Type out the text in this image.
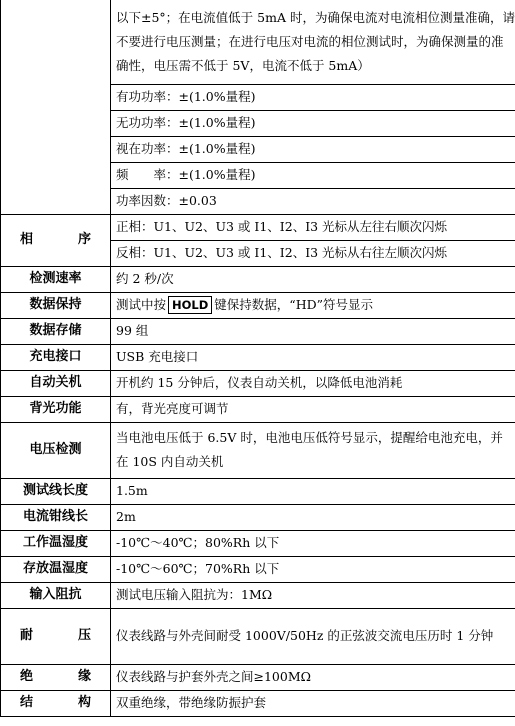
	以下±5°；在电流值低于 5mA 时，为确保电流对电流相位测量准确，请不要进行电压测量；在进行电压对电流的相位测试时，为确保测量的准确性，电压需不低于 5V，电流不低于 5mA）
	有功功率：±(1.0%量程)
	无功功率：±(1.0%量程)
	视在功率：±(1.0%量程)
	频　　率：±(1.0%量程)
	功率因数：±0.03
相　序	正相：U1、U2、U3 或 I1、I2、I3 光标从左往右顺次闪烁
	反相：U1、U2、U3 或 I1、I2、I3 光标从右往左顺次闪烁
检测速率	约 2 秒/次
数据保持	测试中按 HOLD 键保持数据，“HD”符号显示
数据存储	99 组
充电接口	USB 充电接口
自动关机	开机约 15 分钟后，仪表自动关机，以降低电池消耗
背光功能	有，背光亮度可调节
电压检测	当电池电压低于 6.5V 时，电池电压低符号显示，提醒给电池充电，并在 10S 内自动关机
测试线长度	1.5m
电流钳线长	2m
工作温湿度	-10℃～40℃；80%Rh 以下
存放温湿度	-10℃～60℃；70%Rh 以下
输入阻抗	测试电压输入阻抗为：1MΩ
耐　压	仪表线路与外壳间耐受 1000V/50Hz 的正弦波交流电压历时 1 分钟
绝　缘	仪表线路与护套外壳之间≥100MΩ
结　构	双重绝缘，带绝缘防振护套
